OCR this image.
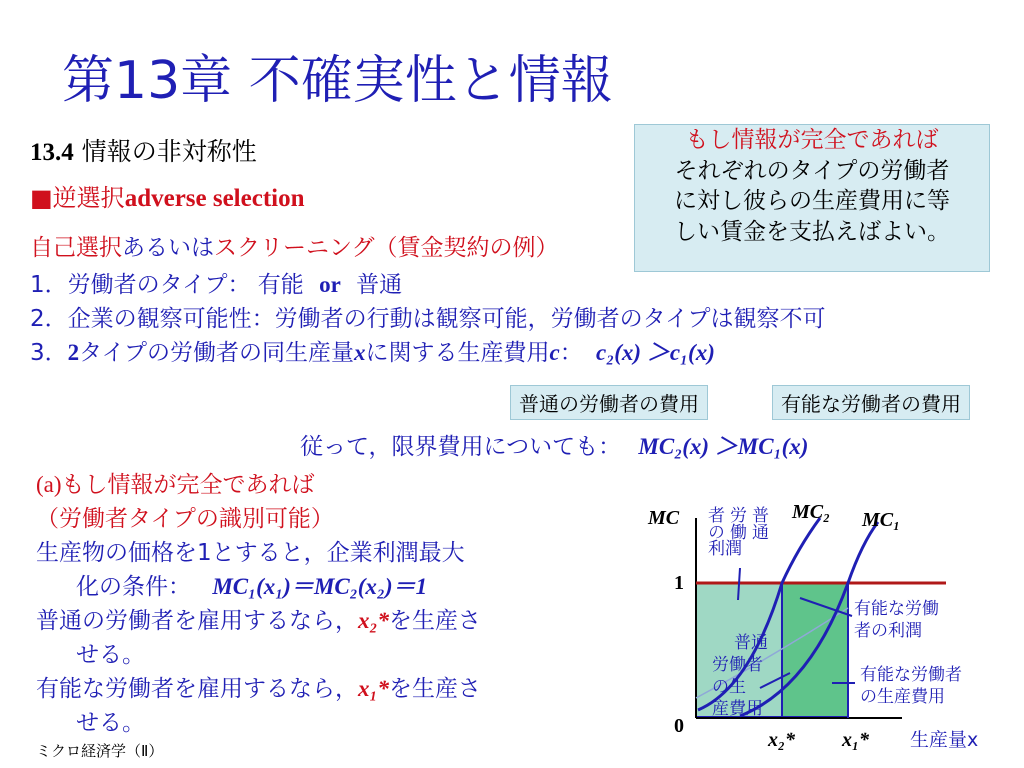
第13章 不確実性と情報
13.4 情報の非対称性
■逆選択adverse selection
自己選択あるいはスクリーニング（賃金契約の例）
1．労働者のタイプ： 有能 or 普通
2．企業の観察可能性：労働者の行動は観察可能，労働者のタイプは観察不可
3．2タイプの労働者の同生産量xに関する生産費用c： c₂(x) ＞c₁(x)
もし情報が完全であれば
それぞれのタイプの労働者
に対し彼らの生産費用に等
しい賃金を支払えばよい。
普通の労働者の費用	有能な労働者の費用
従って，限界費用についても： MC₂(x) ＞MC₁(x)
(a)もし情報が完全であれば
（労働者タイプの識別可能）
生産物の価格を1とすると，企業利潤最大
化の条件： MC₁(x₁)＝MC₂(x₂)＝1
普通の労働者を雇用するなら，x₂*を生産さ
せる。
有能な労働者を雇用するなら，x₁*を生産さ
せる。
ミクロ経済学（Ⅱ）
MC
1
0
x₂* x₁* 生産量x
MC₂ MC₁
普通
労働
者の
利潤
有能な労働
者の利潤
普通
労働者
の生
産費用
有能な労働者
の生産費用
